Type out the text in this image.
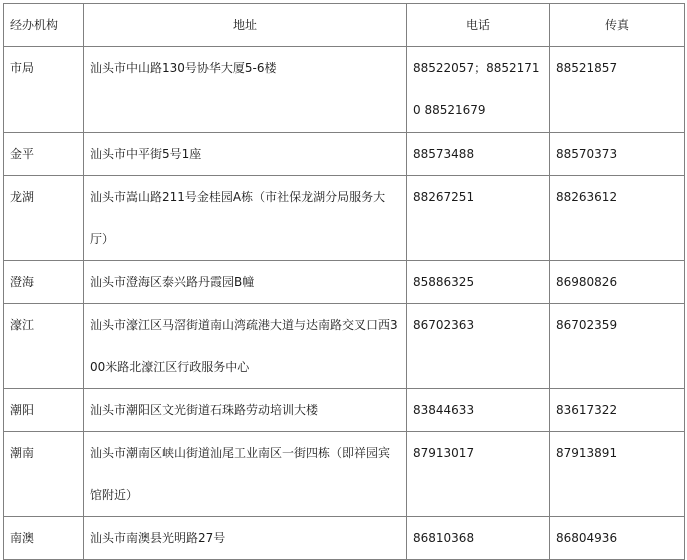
经办机构	地址	电话	传真
市局	汕头市中山路130号协华大厦5-6楼	88522057；88521710 88521679	88521857
金平	汕头市中平街5号1座	88573488	88570373
龙湖	汕头市嵩山路211号金桂园A栋（市社保龙湖分局服务大厅）	88267251	88263612
澄海	汕头市澄海区泰兴路丹霞园B幢	85886325	86980826
濠江	汕头市濠江区马滘街道南山湾疏港大道与达南路交叉口西300米路北濠江区行政服务中心	86702363	86702359
潮阳	汕头市潮阳区文光街道石珠路劳动培训大楼	83844633	83617322
潮南	汕头市潮南区峡山街道汕尾工业南区一街四栋（即祥园宾馆附近）	87913017	87913891
南澳	汕头市南澳县光明路27号	86810368	86804936
